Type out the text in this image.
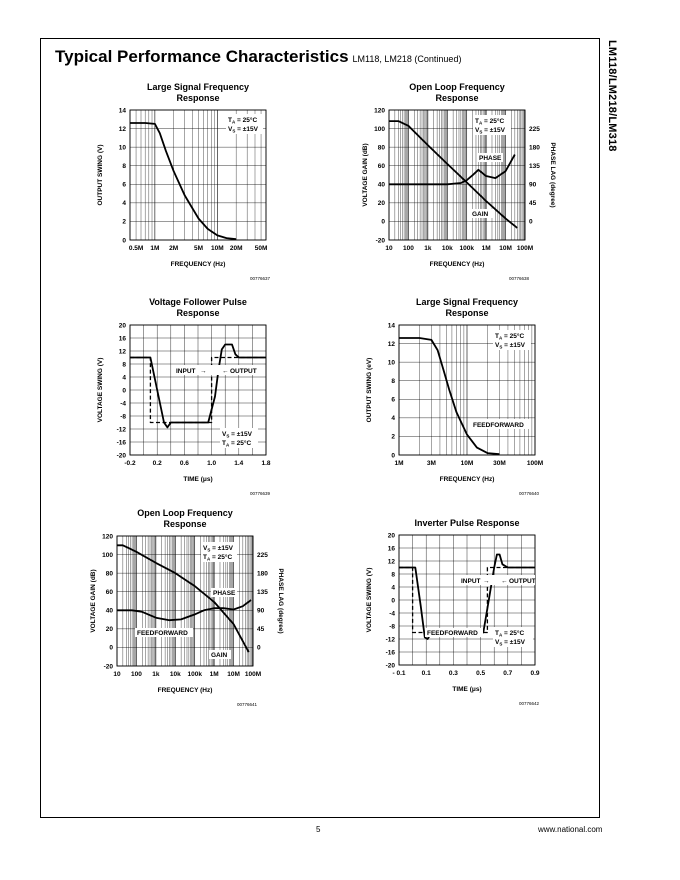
Typical Performance Characteristics LM118, LM218 (Continued)	LM118/LM218/LM318
5	www.national.com
Large Signal Frequency
Response
0
2
4
6
8
10
12
14
0.5M 1M 2M 5M 10M 20M 50M
FREQUENCY (Hz)
OUTPUT SWING (V)
00776637
$T_A = 25^\circ C$
$V_S = \pm 15V$
Open Loop Frequency
Response
-20
0
20
40
60
80
100
120
10 100 1k 10k 100k 1M 10M 100M
0
45
90
135
180
225
PHASE LAG (degree)
FREQUENCY (Hz)
VOLTAGE GAIN (dB)
00776638
$T_A = 25^\circ C$
$V_S = \pm 15V$
PHASE
GAIN
Voltage Follower Pulse
Response
-20
-16
-12
-8
-4
0
4
8
12
16
20
-0.2	0.2	0.6	1.0	1.4	1.8
TIME (μs)
VOLTAGE SWING (V)
00776639
INPUT → ← OUTPUT
$V_S = \pm 15V$
$T_A = 25^\circ C$
Large Signal Frequency
Response
0
2
4
6
8
10
12
14
1M	3M	10M	30M	100M
FREQUENCY (Hz)
OUTPUT SWING (eV)
00776640
$T_A = 25^\circ C$
$V_S = \pm 15V$
FEEDFORWARD
Open Loop Frequency
Response
-20
0
20
40
60
80
100
120
10 100 1k 10k 100k 1M 10M 100M
0
45
90
135
180
225
PHASE LAG (degree)
FREQUENCY (Hz)
VOLTAGE GAIN (dB)
00776641
$V_S = \pm 15V$
$T_A = 25^\circ C$
PHASE
FEEDFORWARD
GAIN
Inverter Pulse Response
-20
-16
-12
-8
-4
0
4
8
12
16
20
- 0.1 0.1	0.3	0.5	0.7	0.9
TIME (μs)
VOLTAGE SWING (V)
00776642
INPUT → ← OUTPUT
FEEDFORWARD	$T_A = 25^\circ C$
$V_S = \pm 15V$
